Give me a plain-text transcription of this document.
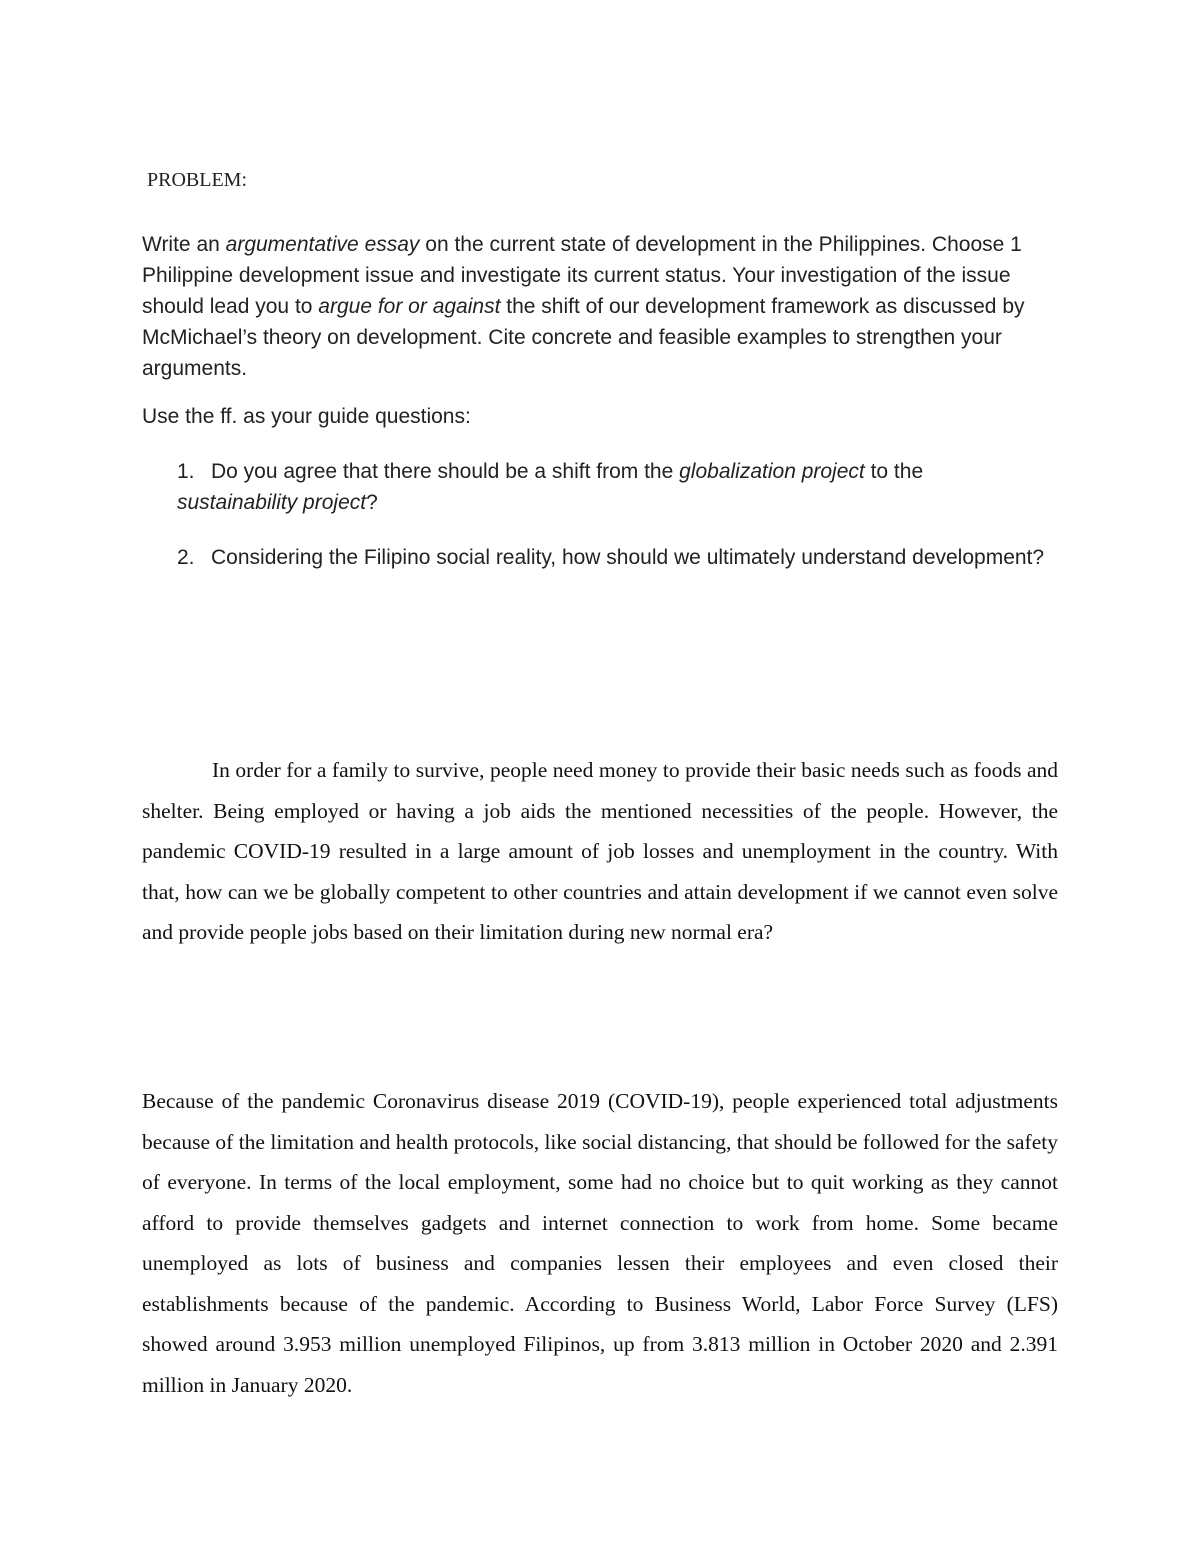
PROBLEM:

Write an argumentative essay on the current state of development in the Philippines. Choose 1 Philippine development issue and investigate its current status. Your investigation of the issue should lead you to argue for or against the shift of our development framework as discussed by McMichael’s theory on development. Cite concrete and feasible examples to strengthen your arguments.

Use the ff. as your guide questions:

1. Do you agree that there should be a shift from the globalization project to the sustainability project?
2. Considering the Filipino social reality, how should we ultimately understand development?

In order for a family to survive, people need money to provide their basic needs such as foods and shelter. Being employed or having a job aids the mentioned necessities of the people. However, the pandemic COVID-19 resulted in a large amount of job losses and unemployment in the country. With that, how can we be globally competent to other countries and attain development if we cannot even solve and provide people jobs based on their limitation during new normal era?

Because of the pandemic Coronavirus disease 2019 (COVID-19), people experienced total adjustments because of the limitation and health protocols, like social distancing, that should be followed for the safety of everyone. In terms of the local employment, some had no choice but to quit working as they cannot afford to provide themselves gadgets and internet connection to work from home. Some became unemployed as lots of business and companies lessen their employees and even closed their establishments because of the pandemic. According to Business World, Labor Force Survey (LFS) showed around 3.953 million unemployed Filipinos, up from 3.813 million in October 2020 and 2.391 million in January 2020.
